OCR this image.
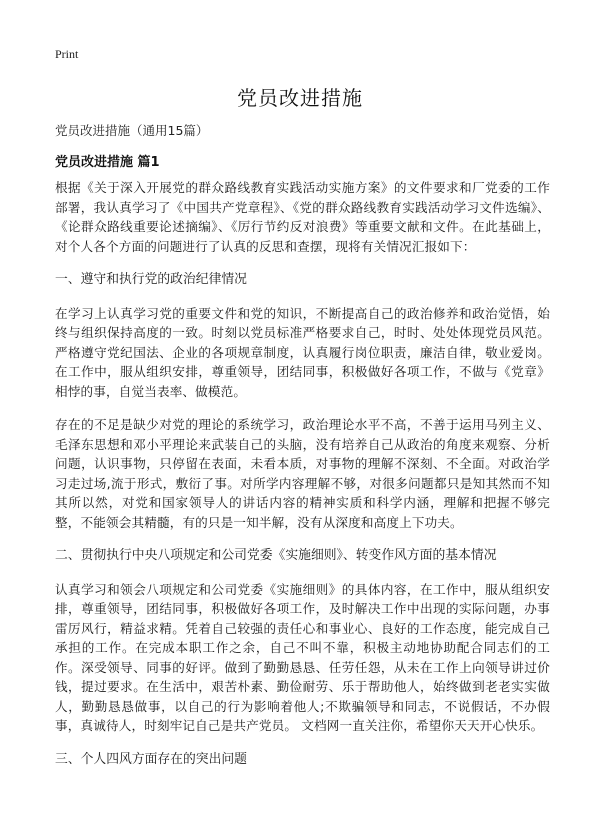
Print
党员改进措施
党员改进措施（通用15篇）
党员改进措施 篇1

根据《关于深入开展党的群众路线教育实践活动实施方案》的文件要求和厂党委的工作部署，我认真学习了《中国共产党章程》、《党的群众路线教育实践活动学习文件选编》、《论群众路线重要论述摘编》、《厉行节约反对浪费》等重要文献和文件。在此基础上，对个人各个方面的问题进行了认真的反思和查摆，现将有关情况汇报如下：

一、遵守和执行党的政治纪律情况

在学习上认真学习党的重要文件和党的知识，不断提高自己的政治修养和政治觉悟，始终与组织保持高度的一致。时刻以党员标准严格要求自己，时时、处处体现党员风范。严格遵守党纪国法、企业的各项规章制度，认真履行岗位职责，廉洁自律，敬业爱岗。在工作中，服从组织安排，尊重领导，团结同事，积极做好各项工作，不做与《党章》相悖的事，自觉当表率、做模范。

存在的不足是缺少对党的理论的系统学习，政治理论水平不高，不善于运用马列主义、毛泽东思想和邓小平理论来武装自己的头脑，没有培养自己从政治的角度来观察、分析问题，认识事物，只停留在表面，未看本质，对事物的理解不深刻、不全面。对政治学习走过场,流于形式，敷衍了事。对所学内容理解不够，对很多问题都只是知其然而不知其所以然，对党和国家领导人的讲话内容的精神实质和科学内涵，理解和把握不够完整，不能领会其精髓，有的只是一知半解，没有从深度和高度上下功夫。

二、贯彻执行中央八项规定和公司党委《实施细则》、转变作风方面的基本情况

认真学习和领会八项规定和公司党委《实施细则》的具体内容，在工作中，服从组织安排，尊重领导，团结同事，积极做好各项工作，及时解决工作中出现的实际问题，办事雷厉风行，精益求精。凭着自己较强的责任心和事业心、良好的工作态度，能完成自己承担的工作。在完成本职工作之余，自己不叫不靠，积极主动地协助配合同志们的工作。深受领导、同事的好评。做到了勤勤恳恳、任劳任怨，从未在工作上向领导讲过价钱，提过要求。在生活中，艰苦朴素、勤俭耐劳、乐于帮助他人，始终做到老老实实做人，勤勤恳恳做事，以自己的行为影响着他人;不欺骗领导和同志，不说假话，不办假事，真诚待人，时刻牢记自己是共产党员。 文档网一直关注你，希望你天天开心快乐。

三、个人四风方面存在的突出问题
